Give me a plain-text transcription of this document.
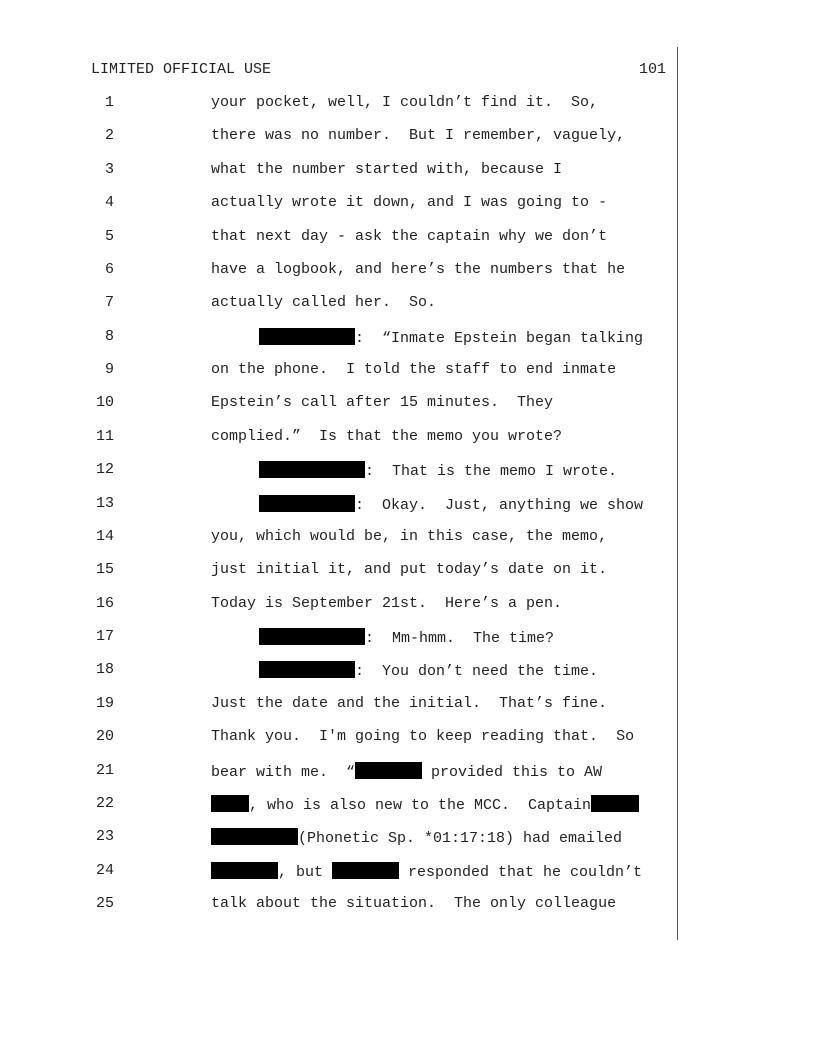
LIMITED OFFICIAL USE	101
1	your pocket, well, I couldn’t find it.  So,
2	there was no number.  But I remember, vaguely,
3	what the number started with, because I
4	actually wrote it down, and I was going to -
5	that next day - ask the captain why we don’t
6	have a logbook, and here’s the numbers that he
7	actually called her.  So.
8	:  “Inmate Epstein began talking
9	on the phone.  I told the staff to end inmate
10	Epstein’s call after 15 minutes.  They
11	complied.”  Is that the memo you wrote?
12	:  That is the memo I wrote.
13	:  Okay.  Just, anything we show
14	you, which would be, in this case, the memo,
15	just initial it, and put today’s date on it.
16	Today is September 21st.  Here’s a pen.
17	:  Mm-hmm.  The time?
18	:  You don’t need the time.
19	Just the date and the initial.  That’s fine.
20	Thank you.  I'm going to keep reading that.  So
21	bear with me.  “	provided this to AW
22	, who is also new to the MCC.  Captain
23	(Phonetic Sp. *01:17:18) had emailed
24	, but	responded that he couldn’t
25	talk about the situation.  The only colleague
